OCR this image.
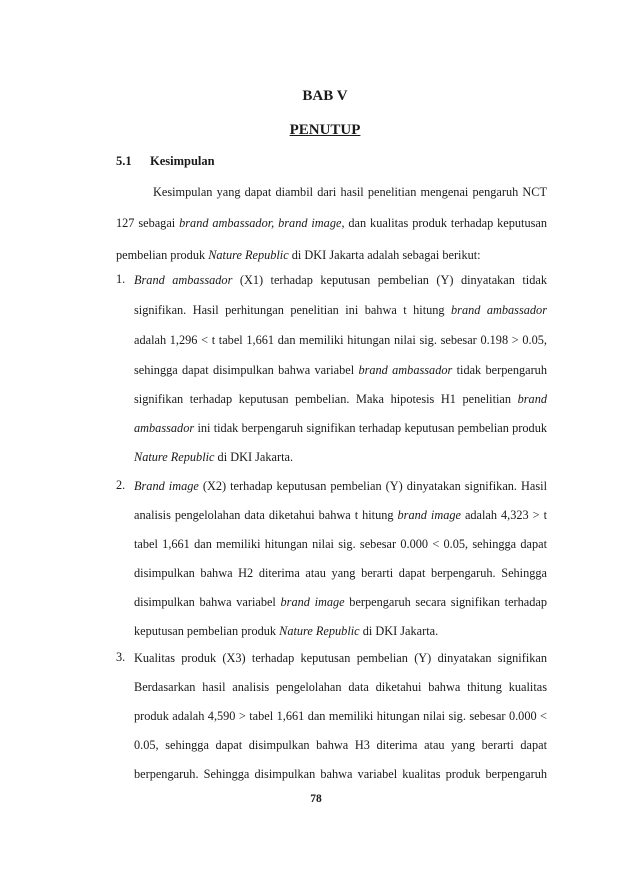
BAB V
PENUTUP
5.1 Kesimpulan
Kesimpulan yang dapat diambil dari hasil penelitian mengenai pengaruh NCT
127 sebagai brand ambassador, brand image, dan kualitas produk terhadap keputusan
pembelian produk Nature Republic di DKI Jakarta adalah sebagai berikut:
1. Brand ambassador (X1) terhadap keputusan pembelian (Y) dinyatakan tidak
signifikan. Hasil perhitungan penelitian ini bahwa t hitung brand ambassador
adalah 1,296 < t tabel 1,661 dan memiliki hitungan nilai sig. sebesar 0.198 > 0.05,
sehingga dapat disimpulkan bahwa variabel brand ambassador tidak berpengaruh
signifikan terhadap keputusan pembelian. Maka hipotesis H1 penelitian brand
ambassador ini tidak berpengaruh signifikan terhadap keputusan pembelian produk
Nature Republic di DKI Jakarta.
2. Brand image (X2) terhadap keputusan pembelian (Y) dinyatakan signifikan. Hasil
analisis pengelolahan data diketahui bahwa t hitung brand image adalah 4,323 > t
tabel 1,661 dan memiliki hitungan nilai sig. sebesar 0.000 < 0.05, sehingga dapat
disimpulkan bahwa H2 diterima atau yang berarti dapat berpengaruh. Sehingga
disimpulkan bahwa variabel brand image berpengaruh secara signifikan terhadap
keputusan pembelian produk Nature Republic di DKI Jakarta.
3. Kualitas produk (X3) terhadap keputusan pembelian (Y) dinyatakan signifikan
Berdasarkan hasil analisis pengelolahan data diketahui bahwa thitung kualitas
produk adalah 4,590 > tabel 1,661 dan memiliki hitungan nilai sig. sebesar 0.000 <
0.05, sehingga dapat disimpulkan bahwa H3 diterima atau yang berarti dapat
berpengaruh. Sehingga disimpulkan bahwa variabel kualitas produk berpengaruh
78
